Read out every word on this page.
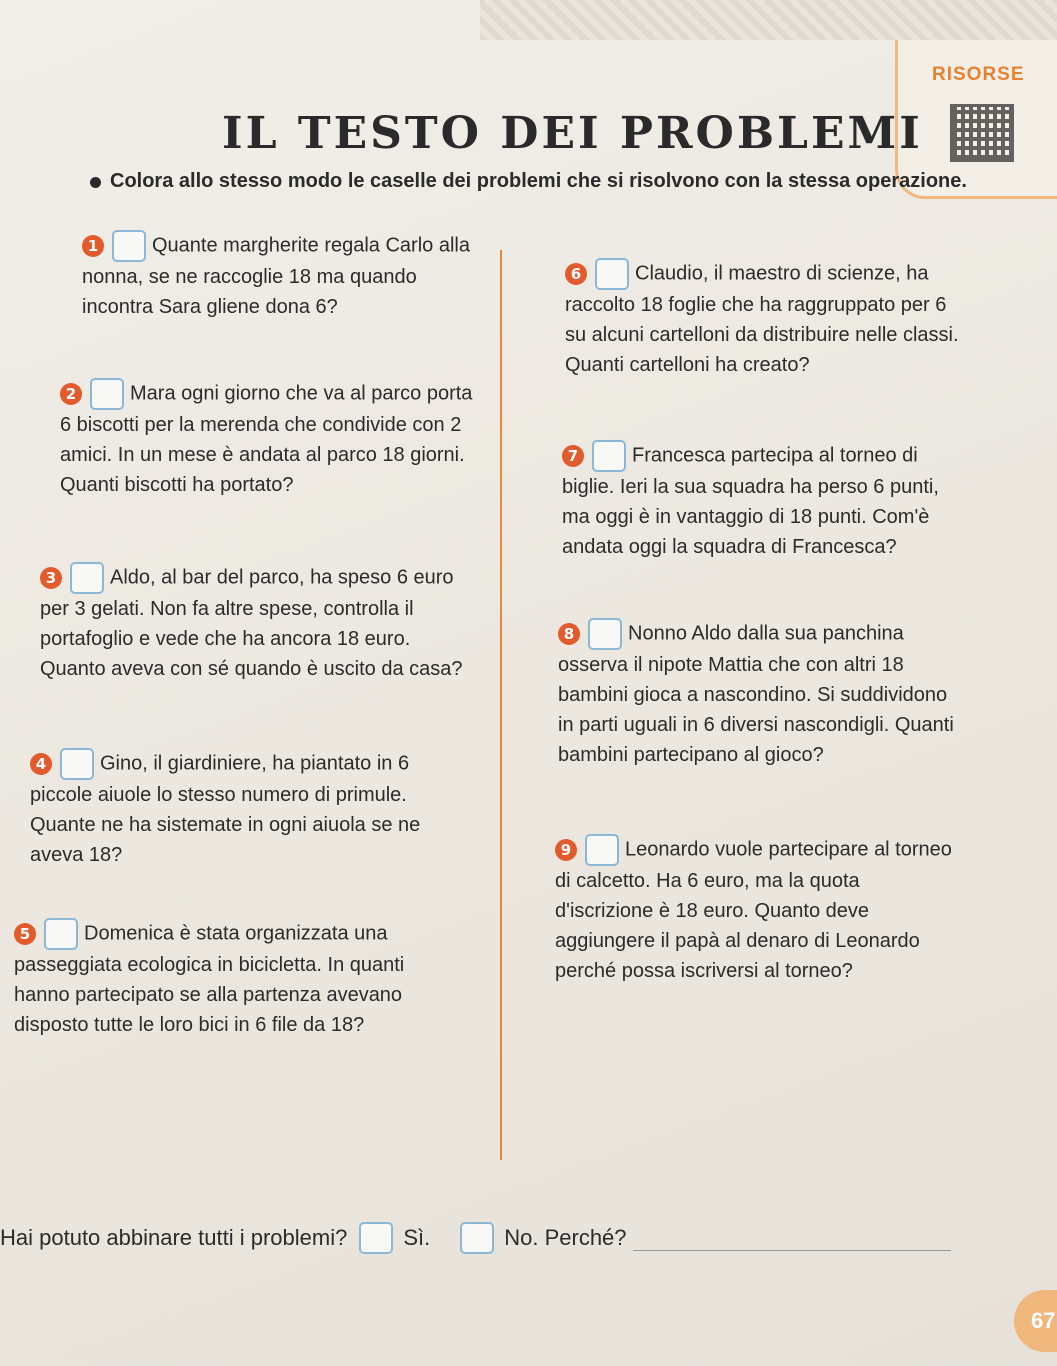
RISORSE
IL TESTO DEI PROBLEMI
Colora allo stesso modo le caselle dei problemi che si risolvono con la stessa operazione.
1	Quante margherite regala Carlo alla nonna, se ne raccoglie 18 ma quando incontra Sara gliene dona 6?
2	Mara ogni giorno che va al parco porta 6 biscotti per la merenda che condivide con 2 amici. In un mese è andata al parco 18 giorni. Quanti biscotti ha portato?
3	Aldo, al bar del parco, ha speso 6 euro per 3 gelati. Non fa altre spese, controlla il portafoglio e vede che ha ancora 18 euro. Quanto aveva con sé quando è uscito da casa?
4	Gino, il giardiniere, ha piantato in 6 piccole aiuole lo stesso numero di primule. Quante ne ha sistemate in ogni aiuola se ne aveva 18?
5	Domenica è stata organizzata una passeggiata ecologica in bicicletta. In quanti hanno partecipato se alla partenza avevano disposto tutte le loro bici in 6 file da 18?
6	Claudio, il maestro di scienze, ha raccolto 18 foglie che ha raggruppato per 6 su alcuni cartelloni da distribuire nelle classi. Quanti cartelloni ha creato?
7	Francesca partecipa al torneo di biglie. Ieri la sua squadra ha perso 6 punti, ma oggi è in vantaggio di 18 punti. Com'è andata oggi la squadra di Francesca?
8	Nonno Aldo dalla sua panchina osserva il nipote Mattia che con altri 18 bambini gioca a nascondino. Si suddividono in parti uguali in 6 diversi nascondigli. Quanti bambini partecipano al gioco?
9	Leonardo vuole partecipare al torneo di calcetto. Ha 6 euro, ma la quota d'iscrizione è 18 euro. Quanto deve aggiungere il papà al denaro di Leonardo perché possa iscriversi al torneo?
Hai potuto abbinare tutti i problemi?	Sì.	No. Perché?
67
